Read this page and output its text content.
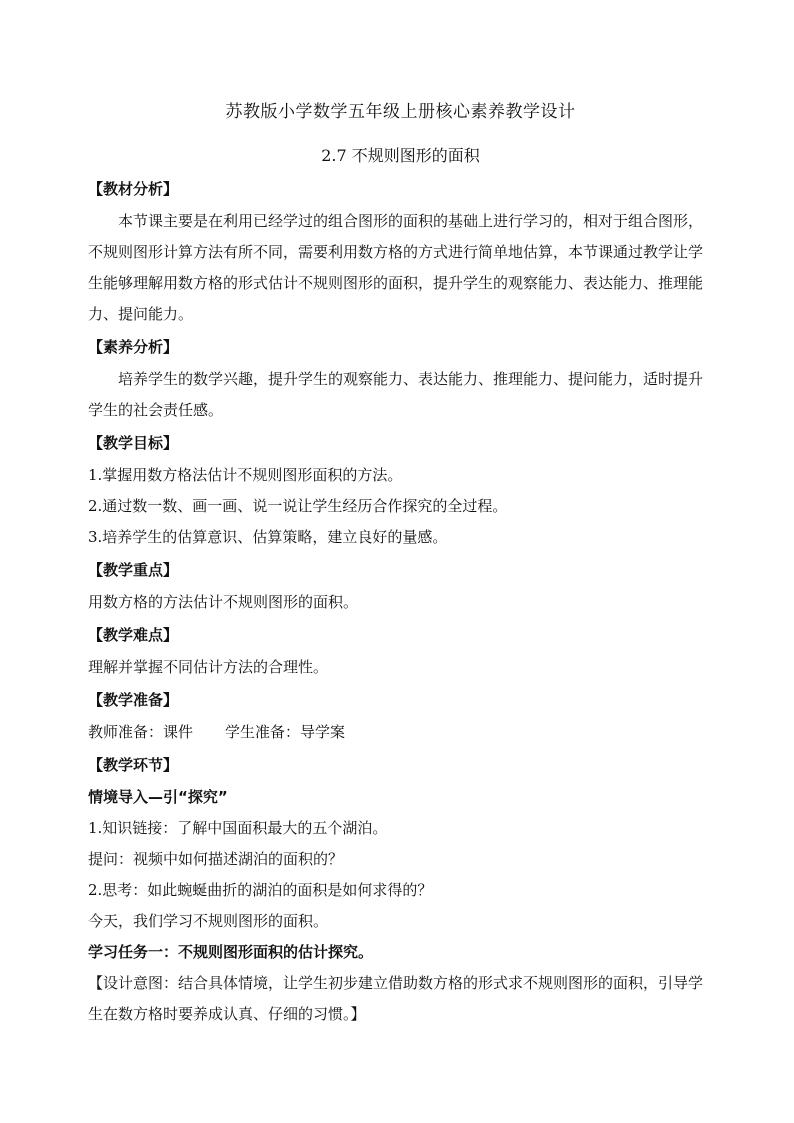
苏教版小学数学五年级上册核心素养教学设计
2.7 不规则图形的面积
【教材分析】

本节课主要是在利用已经学过的组合图形的面积的基础上进行学习的，相对于组合图形，不规则图形计算方法有所不同，需要利用数方格的方式进行简单地估算，本节课通过教学让学生能够理解用数方格的形式估计不规则图形的面积，提升学生的观察能力、表达能力、推理能力、提问能力。

【素养分析】

培养学生的数学兴趣，提升学生的观察能力、表达能力、推理能力、提问能力，适时提升学生的社会责任感。

【教学目标】

1.掌握用数方格法估计不规则图形面积的方法。

2.通过数一数、画一画、说一说让学生经历合作探究的全过程。

3.培养学生的估算意识、估算策略，建立良好的量感。

【教学重点】

用数方格的方法估计不规则图形的面积。

【教学难点】

理解并掌握不同估计方法的合理性。

【教学准备】

教师准备：课件 学生准备：导学案

【教学环节】

情境导入—引“探究”

1.知识链接：了解中国面积最大的五个湖泊。

提问：视频中如何描述湖泊的面积的？

2.思考：如此蜿蜒曲折的湖泊的面积是如何求得的？

今天，我们学习不规则图形的面积。

学习任务一：不规则图形面积的估计探究。

【设计意图：结合具体情境，让学生初步建立借助数方格的形式求不规则图形的面积，引导学生在数方格时要养成认真、仔细的习惯。】
